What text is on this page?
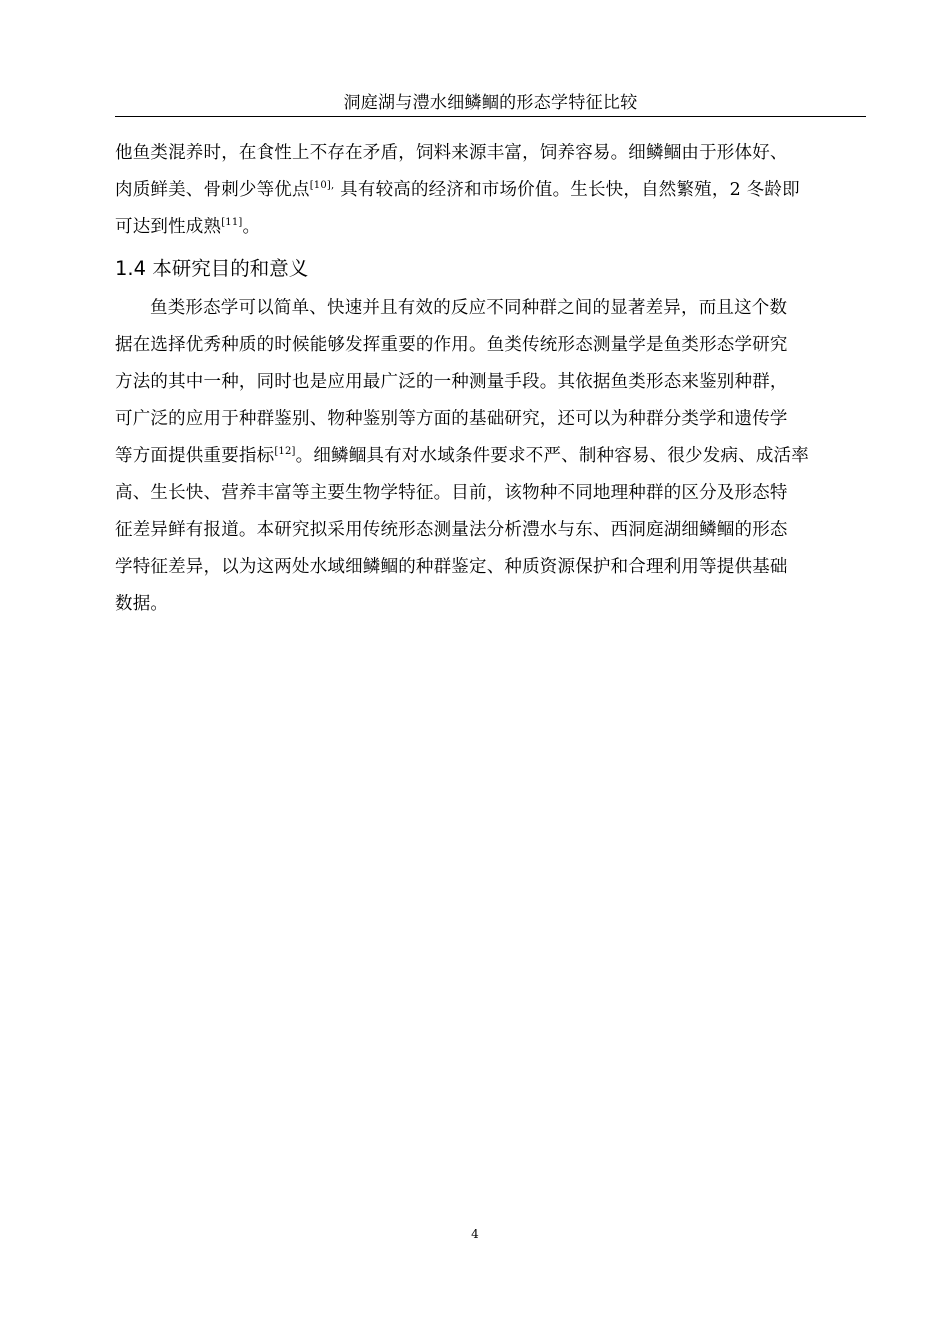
洞庭湖与澧水细鳞鲴的形态学特征比较
他鱼类混养时，在食性上不存在矛盾，饲料来源丰富，饲养容易。细鳞鲴由于形体好、
肉质鲜美、骨刺少等优点$^{[10],}$ 具有较高的经济和市场价值。生长快，自然繁殖，2 冬龄即
可达到性成熟[11]。
1.4 本研究目的和意义
鱼类形态学可以简单、快速并且有效的反应不同种群之间的显著差异，而且这个数
据在选择优秀种质的时候能够发挥重要的作用。鱼类传统形态测量学是鱼类形态学研究
方法的其中一种，同时也是应用最广泛的一种测量手段。其依据鱼类形态来鉴别种群，
可广泛的应用于种群鉴别、物种鉴别等方面的基础研究，还可以为种群分类学和遗传学
等方面提供重要指标[12]。细鳞鲴具有对水域条件要求不严、制种容易、很少发病、成活率
高、生长快、营养丰富等主要生物学特征。目前，该物种不同地理种群的区分及形态特
征差异鲜有报道。本研究拟采用传统形态测量法分析澧水与东、西洞庭湖细鳞鲴的形态
学特征差异，以为这两处水域细鳞鲴的种群鉴定、种质资源保护和合理利用等提供基础
数据。
4
